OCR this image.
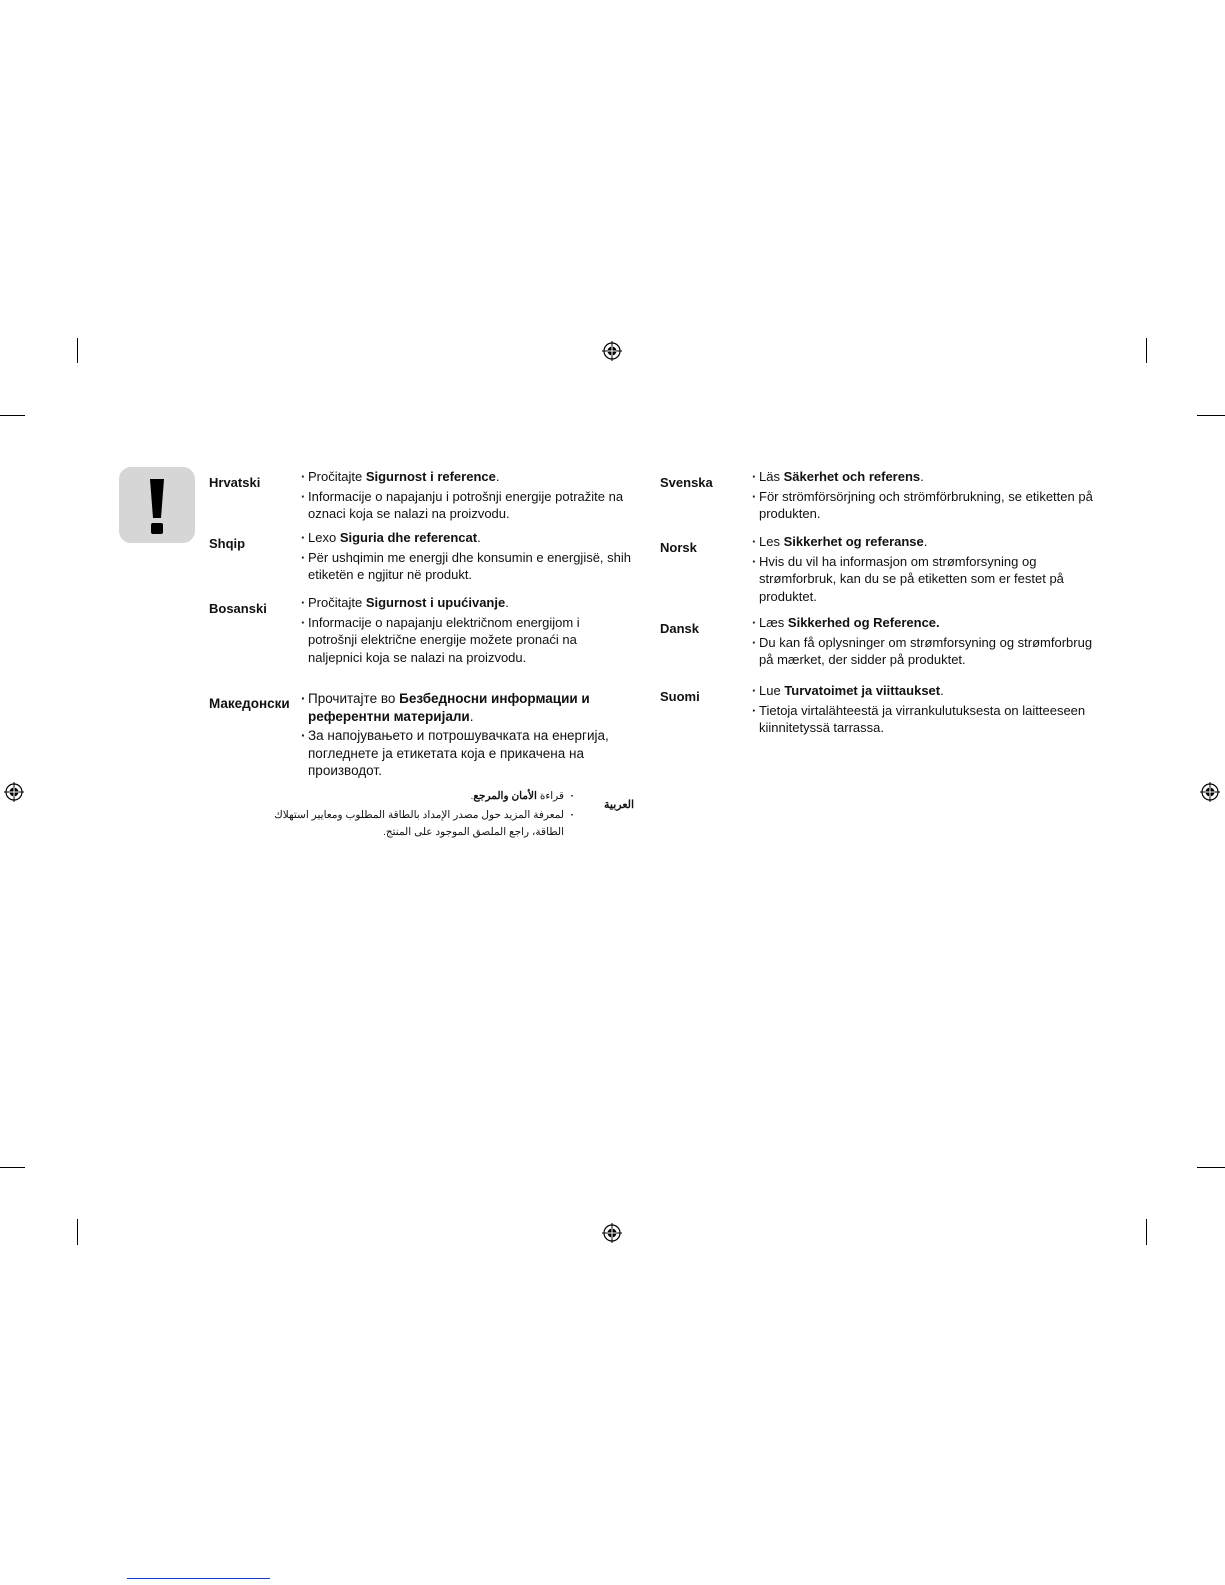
Hrvatski	· Pročitajte Sigurnost i reference.
· Informacije o napajanju i potrošnji energije potražite na oznaci koja se nalazi na proizvodu.
Shqip	· Lexo Siguria dhe referencat.
· Për ushqimin me energji dhe konsumin e energjisë, shih etiketën e ngjitur në produkt.
Bosanski	· Pročitajte Sigurnost i upućivanje.
· Informacije o napajanju električnom energijom i potrošnji električne energije možete pronaći na naljepnici koja se nalazi na proizvodu.
Македонски	· Прочитајте во Безбедносни информации и референтни материјали.
· За напојувањето и потрошувачката на енергија, погледнете ја етикетата која е прикачена на производот.
العربية
· قراءة الأمان والمرجع.
· لمعرفة المزيد حول مصدر الإمداد بالطاقة المطلوب ومعايير استهلاك الطاقة، راجع الملصق الموجود على المنتج.
Svenska	· Läs Säkerhet och referens.
· För strömförsörjning och strömförbrukning, se etiketten på produkten.
Norsk	· Les Sikkerhet og referanse.
· Hvis du vil ha informasjon om strømforsyning og strømforbruk, kan du se på etiketten som er festet på produktet.
Dansk	· Læs Sikkerhed og Reference.
· Du kan få oplysninger om strømforsyning og strømforbrug på mærket, der sidder på produktet.
Suomi	· Lue Turvatoimet ja viittaukset.
· Tietoja virtalähteestä ja virrankulutuksesta on laitteeseen kiinnitetyssä tarrassa.
